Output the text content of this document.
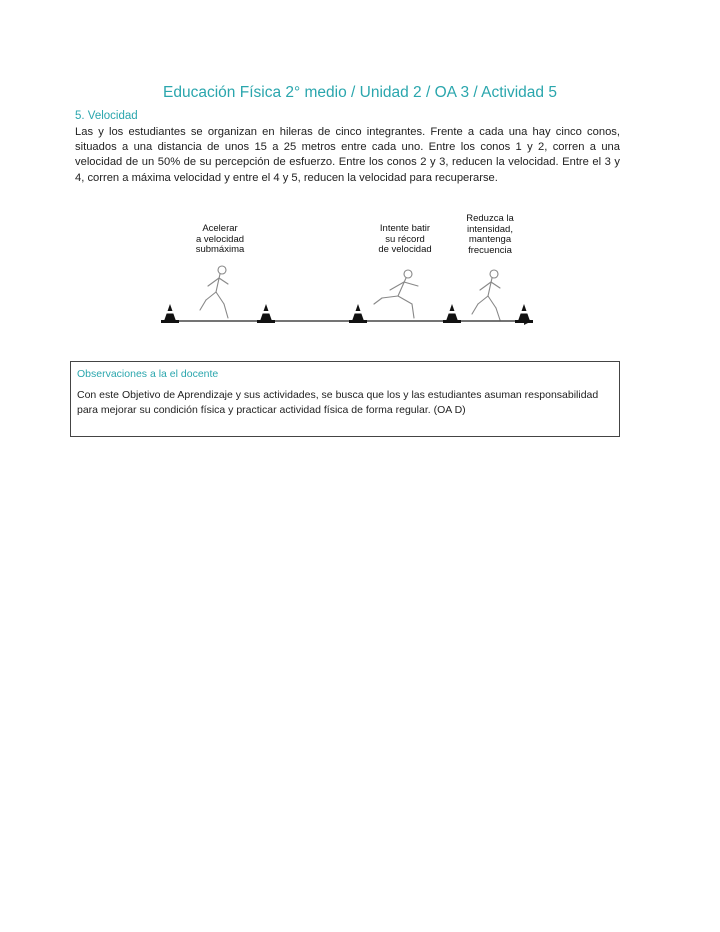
Educación Física 2° medio / Unidad 2 / OA 3 / Actividad 5
5. Velocidad
Las y los estudiantes se organizan en hileras de cinco integrantes. Frente a cada una hay cinco conos, situados a una distancia de unos 15 a 25 metros entre cada uno. Entre los conos 1 y 2, corren a una velocidad de un 50% de su percepción de esfuerzo. Entre los conos 2 y 3, reducen la velocidad. Entre el 3 y 4, corren a máxima velocidad y entre el 4 y 5, reducen la velocidad para recuperarse.
Acelerar
a velocidad
submáxima
Intente batir
su récord
de velocidad
Reduzca la
intensidad,
mantenga
frecuencia
Observaciones a la el docente
Con este Objetivo de Aprendizaje y sus actividades, se busca que los y las estudiantes asuman responsabilidad para mejorar su condición física y practicar actividad física de forma regular. (OA D)
